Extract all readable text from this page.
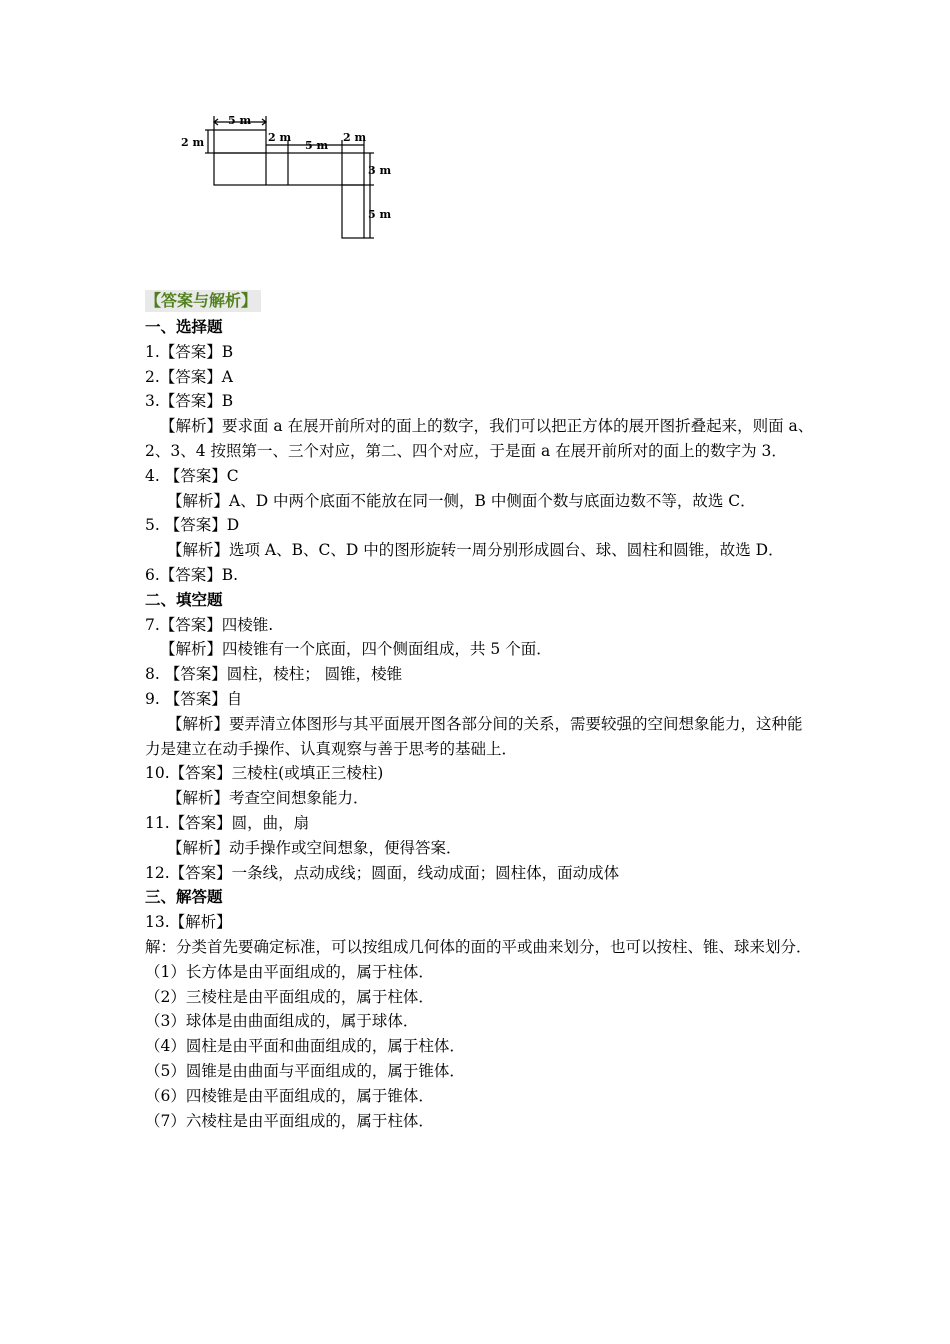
5 m
2 m	2 m
5 m
2 m
3 m
5 m
【答案与解析】
一、选择题
1.【答案】B
2.【答案】A
3.【答案】B
【解析】要求面 a 在展开前所对的面上的数字，我们可以把正方体的展开图折叠起来，则面 a、2、3、4 按照第一、三个对应，第二、四个对应，于是面 a 在展开前所对的面上的数字为 3．
4. 【答案】C
【解析】A、D 中两个底面不能放在同一侧，B 中侧面个数与底面边数不等，故选 C．
5. 【答案】D
【解析】选项 A、B、C、D 中的图形旋转一周分别形成圆台、球、圆柱和圆锥，故选 D．
6.【答案】B.
二、填空题
7.【答案】四棱锥.
【解析】四棱锥有一个底面，四个侧面组成，共 5 个面．
8. 【答案】圆柱，棱柱； 圆锥，棱锥
9. 【答案】自
【解析】要弄清立体图形与其平面展开图各部分间的关系，需要较强的空间想象能力，这种能力是建立在动手操作、认真观察与善于思考的基础上．
10.【答案】三棱柱(或填正三棱柱)
【解析】考查空间想象能力．
11.【答案】圆，曲，扇
【解析】动手操作或空间想象，便得答案．
12.【答案】一条线，点动成线；圆面，线动成面；圆柱体，面动成体
三、解答题
13.【解析】
解：分类首先要确定标准，可以按组成几何体的面的平或曲来划分，也可以按柱、锥、球来划分．
（1）长方体是由平面组成的，属于柱体．
（2）三棱柱是由平面组成的，属于柱体．
（3）球体是由曲面组成的，属于球体．
（4）圆柱是由平面和曲面组成的，属于柱体．
（5）圆锥是由曲面与平面组成的，属于锥体．
（6）四棱锥是由平面组成的，属于锥体．
（7）六棱柱是由平面组成的，属于柱体．
